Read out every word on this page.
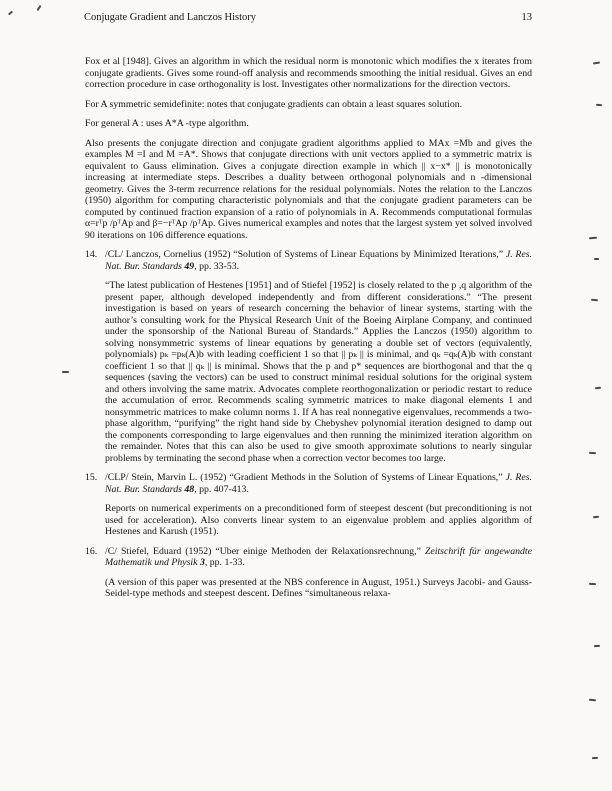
Conjugate Gradient and Lanczos History	13

Fox et al [1948]. Gives an algorithm in which the residual norm is monotonic which modifies the x iterates from conjugate gradients. Gives some round-off analysis and recommends smoothing the initial residual. Gives an end correction procedure in case orthogonality is lost. Investigates other normalizations for the direction vectors.

For A symmetric semidefinite: notes that conjugate gradients can obtain a least squares solution.

For general A : uses A*A -type algorithm.

Also presents the conjugate direction and conjugate gradient algorithms applied to MAx =Mb and gives the examples M =I and M =A*. Shows that conjugate directions with unit vectors applied to a symmetric matrix is equivalent to Gauss elimination. Gives a conjugate direction example in which || x−x* || is monotonically increasing at intermediate steps. Describes a duality between orthogonal polynomials and n -dimensional geometry. Gives the 3-term recurrence relations for the residual polynomials. Notes the relation to the Lanczos (1950) algorithm for computing characteristic polynomials and that the conjugate gradient parameters can be computed by continued fraction expansion of a ratio of polynomials in A. Recommends computational formulas α=rᵀp /pᵀAp and β=−rᵀAp /pᵀAp. Gives numerical examples and notes that the largest system yet solved involved 90 iterations on 106 difference equations.

14. /CL/ Lanczos, Cornelius (1952) “Solution of Systems of Linear Equations by Minimized Iterations,” J. Res. Nat. Bur. Standards 49, pp. 33-53.

“The latest publication of Hestenes [1951] and of Stiefel [1952] is closely related to the p ,q algorithm of the present paper, although developed independently and from different considerations.” “The present investigation is based on years of research concerning the behavior of linear systems, starting with the author’s consulting work for the Physical Research Unit of the Boeing Airplane Company, and continued under the sponsorship of the National Bureau of Standards.” Applies the Lanczos (1950) algorithm to solving nonsymmetric systems of linear equations by generating a double set of vectors (equivalently, polynomials) pₖ =pₖ(A)b with leading coefficient 1 so that || pₖ || is minimal, and qₖ =qₖ(A)b with constant coefficient 1 so that || qₖ || is minimal. Shows that the p and p* sequences are biorthogonal and that the q sequences (saving the vectors) can be used to construct minimal residual solutions for the original system and others involving the same matrix. Advocates complete reorthogonalization or periodic restart to reduce the accumulation of error. Recommends scaling symmetric matrices to make diagonal elements 1 and nonsymmetric matrices to make column norms 1. If A has real nonnegative eigenvalues, recommends a two-phase algorithm, “purifying” the right hand side by Chebyshev polynomial iteration designed to damp out the components corresponding to large eigenvalues and then running the minimized iteration algorithm on the remainder. Notes that this can also be used to give smooth approximate solutions to nearly singular problems by terminating the second phase when a correction vector becomes too large.

15. /CLP/ Stein, Marvin L. (1952) “Gradient Methods in the Solution of Systems of Linear Equations,” J. Res. Nat. Bur. Standards 48, pp. 407-413.

Reports on numerical experiments on a preconditioned form of steepest descent (but preconditioning is not used for acceleration). Also converts linear system to an eigenvalue problem and applies algorithm of Hestenes and Karush (1951).

16. /C/ Stiefel, Eduard (1952) “Uber einige Methoden der Relaxationsrechnung,” Zeitschrift für angewandte Mathematik und Physik 3, pp. 1-33.

(A version of this paper was presented at the NBS conference in August, 1951.) Surveys Jacobi- and Gauss-Seidel-type methods and steepest descent. Defines “simultaneous relaxa-
